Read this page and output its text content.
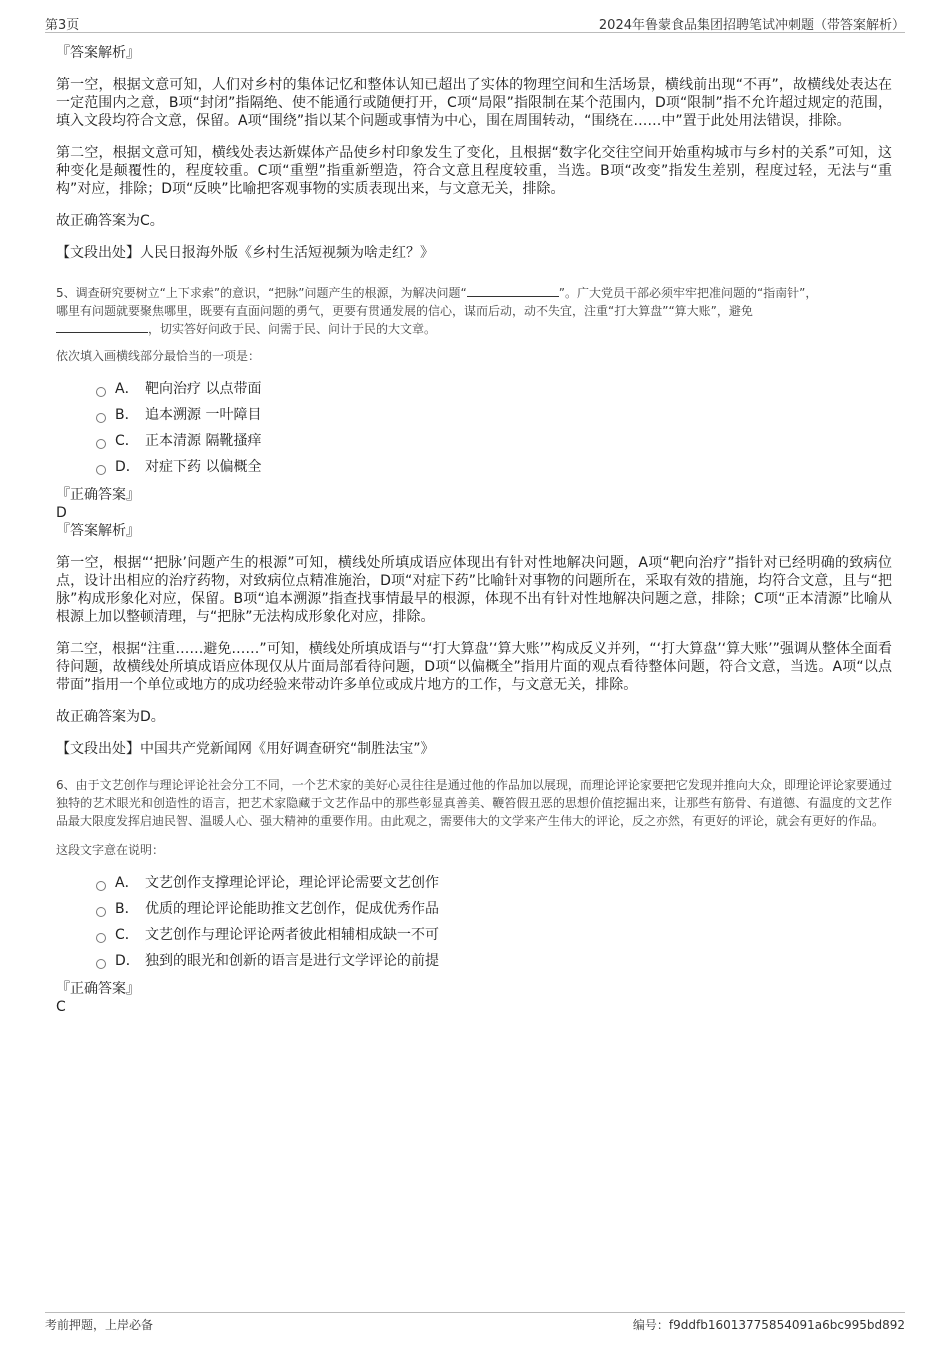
第3页	2024年鲁蒙食品集团招聘笔试冲刺题（带答案解析）

『答案解析』

第一空，根据文意可知，人们对乡村的集体记忆和整体认知已超出了实体的物理空间和生活场景，横线前出现“不再”，故横线处表达在一定范围内之意，B项“封闭”指隔绝、使不能通行或随便打开，C项“局限”指限制在某个范围内，D项“限制”指不允许超过规定的范围，填入文段均符合文意，保留。A项“围绕”指以某个问题或事情为中心，围在周围转动，“围绕在……中”置于此处用法错误，排除。

第二空，根据文意可知，横线处表达新媒体产品使乡村印象发生了变化，且根据“数字化交往空间开始重构城市与乡村的关系”可知，这种变化是颠覆性的，程度较重。C项“重塑”指重新塑造，符合文意且程度较重，当选。B项“改变”指发生差别，程度过轻，无法与“重构”对应，排除；D项“反映”比喻把客观事物的实质表现出来，与文意无关，排除。

故正确答案为C。

【文段出处】人民日报海外版《乡村生活短视频为啥走红？》

5、调查研究要树立“上下求索”的意识，“把脉”问题产生的根源，为解决问题“	”。广大党员干部必须牢牢把准问题的“指南针”，
哪里有问题就要聚焦哪里，既要有直面问题的勇气，更要有贯通发展的信心，谋而后动，动不失宜，注重“打大算盘”“算大账”，避免
，切实答好问政于民、问需于民、问计于民的大文章。

依次填入画横线部分最恰当的一项是：

A． 靶向治疗 以点带面
B． 追本溯源 一叶障目
C． 正本清源 隔靴搔痒
D． 对症下药 以偏概全

『正确答案』

D

『答案解析』

第一空，根据“‘把脉’问题产生的根源”可知，横线处所填成语应体现出有针对性地解决问题，A项“靶向治疗”指针对已经明确的致病位点，设计出相应的治疗药物，对致病位点精准施治，D项“对症下药”比喻针对事物的问题所在，采取有效的措施，均符合文意，且与“把脉”构成形象化对应，保留。B项“追本溯源”指查找事情最早的根源，体现不出有针对性地解决问题之意，排除；C项“正本清源”比喻从根源上加以整顿清理，与“把脉”无法构成形象化对应，排除。

第二空，根据“注重……避免……”可知，横线处所填成语与“‘打大算盘’‘算大账’”构成反义并列，“‘打大算盘’‘算大账’”强调从整体全面看待问题，故横线处所填成语应体现仅从片面局部看待问题，D项“以偏概全”指用片面的观点看待整体问题，符合文意，当选。A项“以点带面”指用一个单位或地方的成功经验来带动许多单位或成片地方的工作，与文意无关，排除。

故正确答案为D。

【文段出处】中国共产党新闻网《用好调查研究“制胜法宝”》

6、由于文艺创作与理论评论社会分工不同，一个艺术家的美好心灵往往是通过他的作品加以展现，而理论评论家要把它发现并推向大众，即理论评论家要通过独特的艺术眼光和创造性的语言，把艺术家隐藏于文艺作品中的那些彰显真善美、鞭笞假丑恶的思想价值挖掘出来，让那些有筋骨、有道德、有温度的文艺作品最大限度发挥启迪民智、温暖人心、强大精神的重要作用。由此观之，需要伟大的文学来产生伟大的评论，反之亦然，有更好的评论，就会有更好的作品。

这段文字意在说明：

A． 文艺创作支撑理论评论，理论评论需要文艺创作
B． 优质的理论评论能助推文艺创作，促成优秀作品
C． 文艺创作与理论评论两者彼此相辅相成缺一不可
D． 独到的眼光和创新的语言是进行文学评论的前提

『正确答案』

C

考前押题，上岸必备	编号：f9ddfb16013775854091a6bc995bd892
